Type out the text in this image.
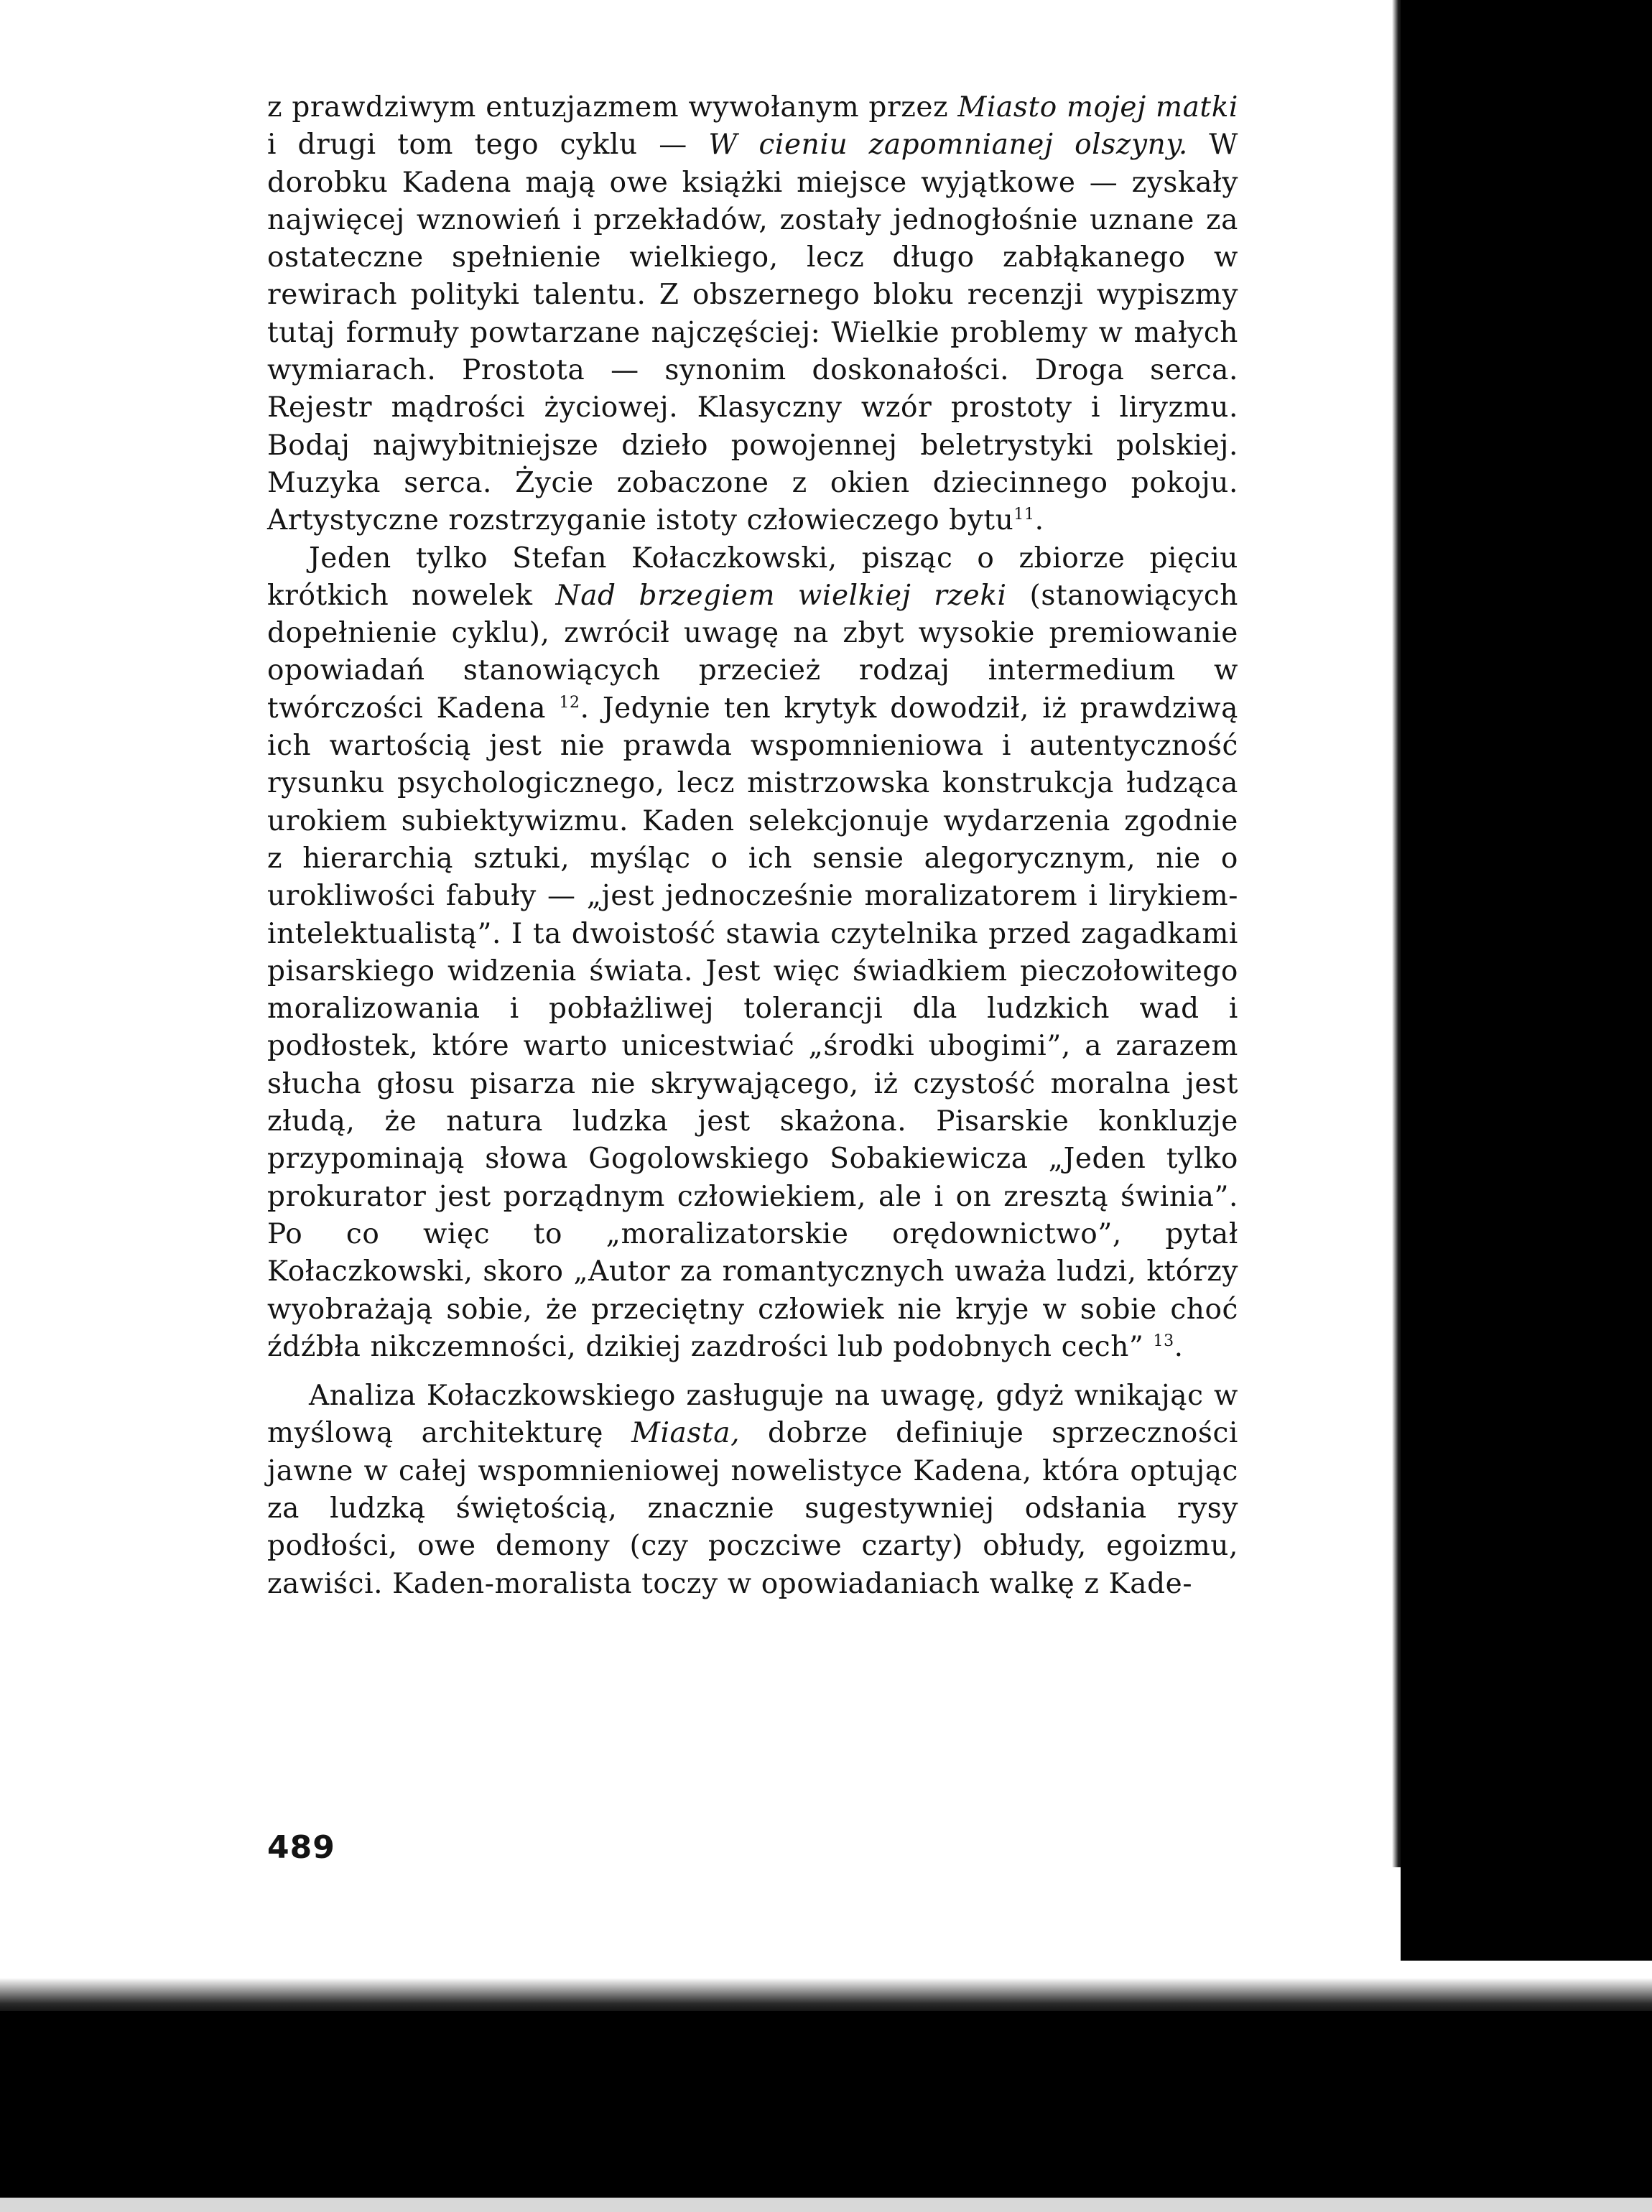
z prawdziwym entuzjazmem wywołanym przez Miasto mojej matki i drugi tom tego cyklu — W cieniu zapomnianej olszyny. W dorobku Kadena mają owe książki miejsce wyjątkowe — zyskały najwięcej wznowień i przekładów, zostały jednogłośnie uznane za ostateczne spełnienie wielkiego, lecz długo zabłąkanego w rewirach polityki talentu. Z obszernego bloku recenzji wypiszmy tutaj formuły powtarzane najczęściej: Wielkie problemy w małych wymiarach. Prostota — synonim doskonałości. Droga serca. Rejestr mądrości życiowej. Klasyczny wzór prostoty i liryzmu. Bodaj najwybitniejsze dzieło powojennej beletrystyki polskiej. Muzyka serca. Życie zobaczone z okien dziecinnego pokoju. Artystyczne rozstrzyganie istoty człowieczego bytu$^{11}$.

Jeden tylko Stefan Kołaczkowski, pisząc o zbiorze pięciu krótkich nowelek Nad brzegiem wielkiej rzeki (stanowiących dopełnienie cyklu), zwrócił uwagę na zbyt wysokie premiowanie opowiadań stanowiących przecież rodzaj intermedium w twórczości Kadena $^{12}$. Jedynie ten krytyk dowodził, iż prawdziwą ich wartością jest nie prawda wspomnieniowa i autentyczność rysunku psychologicznego, lecz mistrzowska konstrukcja łudząca urokiem subiektywizmu. Kaden selekcjonuje wydarzenia zgodnie z hierarchią sztuki, myśląc o ich sensie alegorycznym, nie o urokliwości fabuły — „jest jednocześnie moralizatorem i lirykiem-intelektualistą”. I ta dwoistość stawia czytelnika przed zagadkami pisarskiego widzenia świata. Jest więc świadkiem pieczołowitego moralizowania i pobłażliwej tolerancji dla ludzkich wad i podłostek, które warto unicestwiać „środki ubogimi”, a zarazem słucha głosu pisarza nie skrywającego, iż czystość moralna jest złudą, że natura ludzka jest skażona. Pisarskie konkluzje przypominają słowa Gogolowskiego Sobakiewicza „Jeden tylko prokurator jest porządnym człowiekiem, ale i on zresztą świnia”. Po co więc to „moralizatorskie orędownictwo”, pytał Kołaczkowski, skoro „Autor za romantycznych uważa ludzi, którzy wyobrażają sobie, że przeciętny człowiek nie kryje w sobie choć źdźbła nikczemności, dzikiej zazdrości lub podobnych cech” $^{13}$.

Analiza Kołaczkowskiego zasługuje na uwagę, gdyż wnikając w myślową architekturę Miasta, dobrze definiuje sprzeczności jawne w całej wspomnieniowej nowelistyce Kadena, która optując za ludzką świętością, znacznie sugestywniej odsłania rysy podłości, owe demony (czy poczciwe czarty) obłudy, egoizmu, zawiści. Kaden-moralista toczy w opowiadaniach walkę z Kade-

489
